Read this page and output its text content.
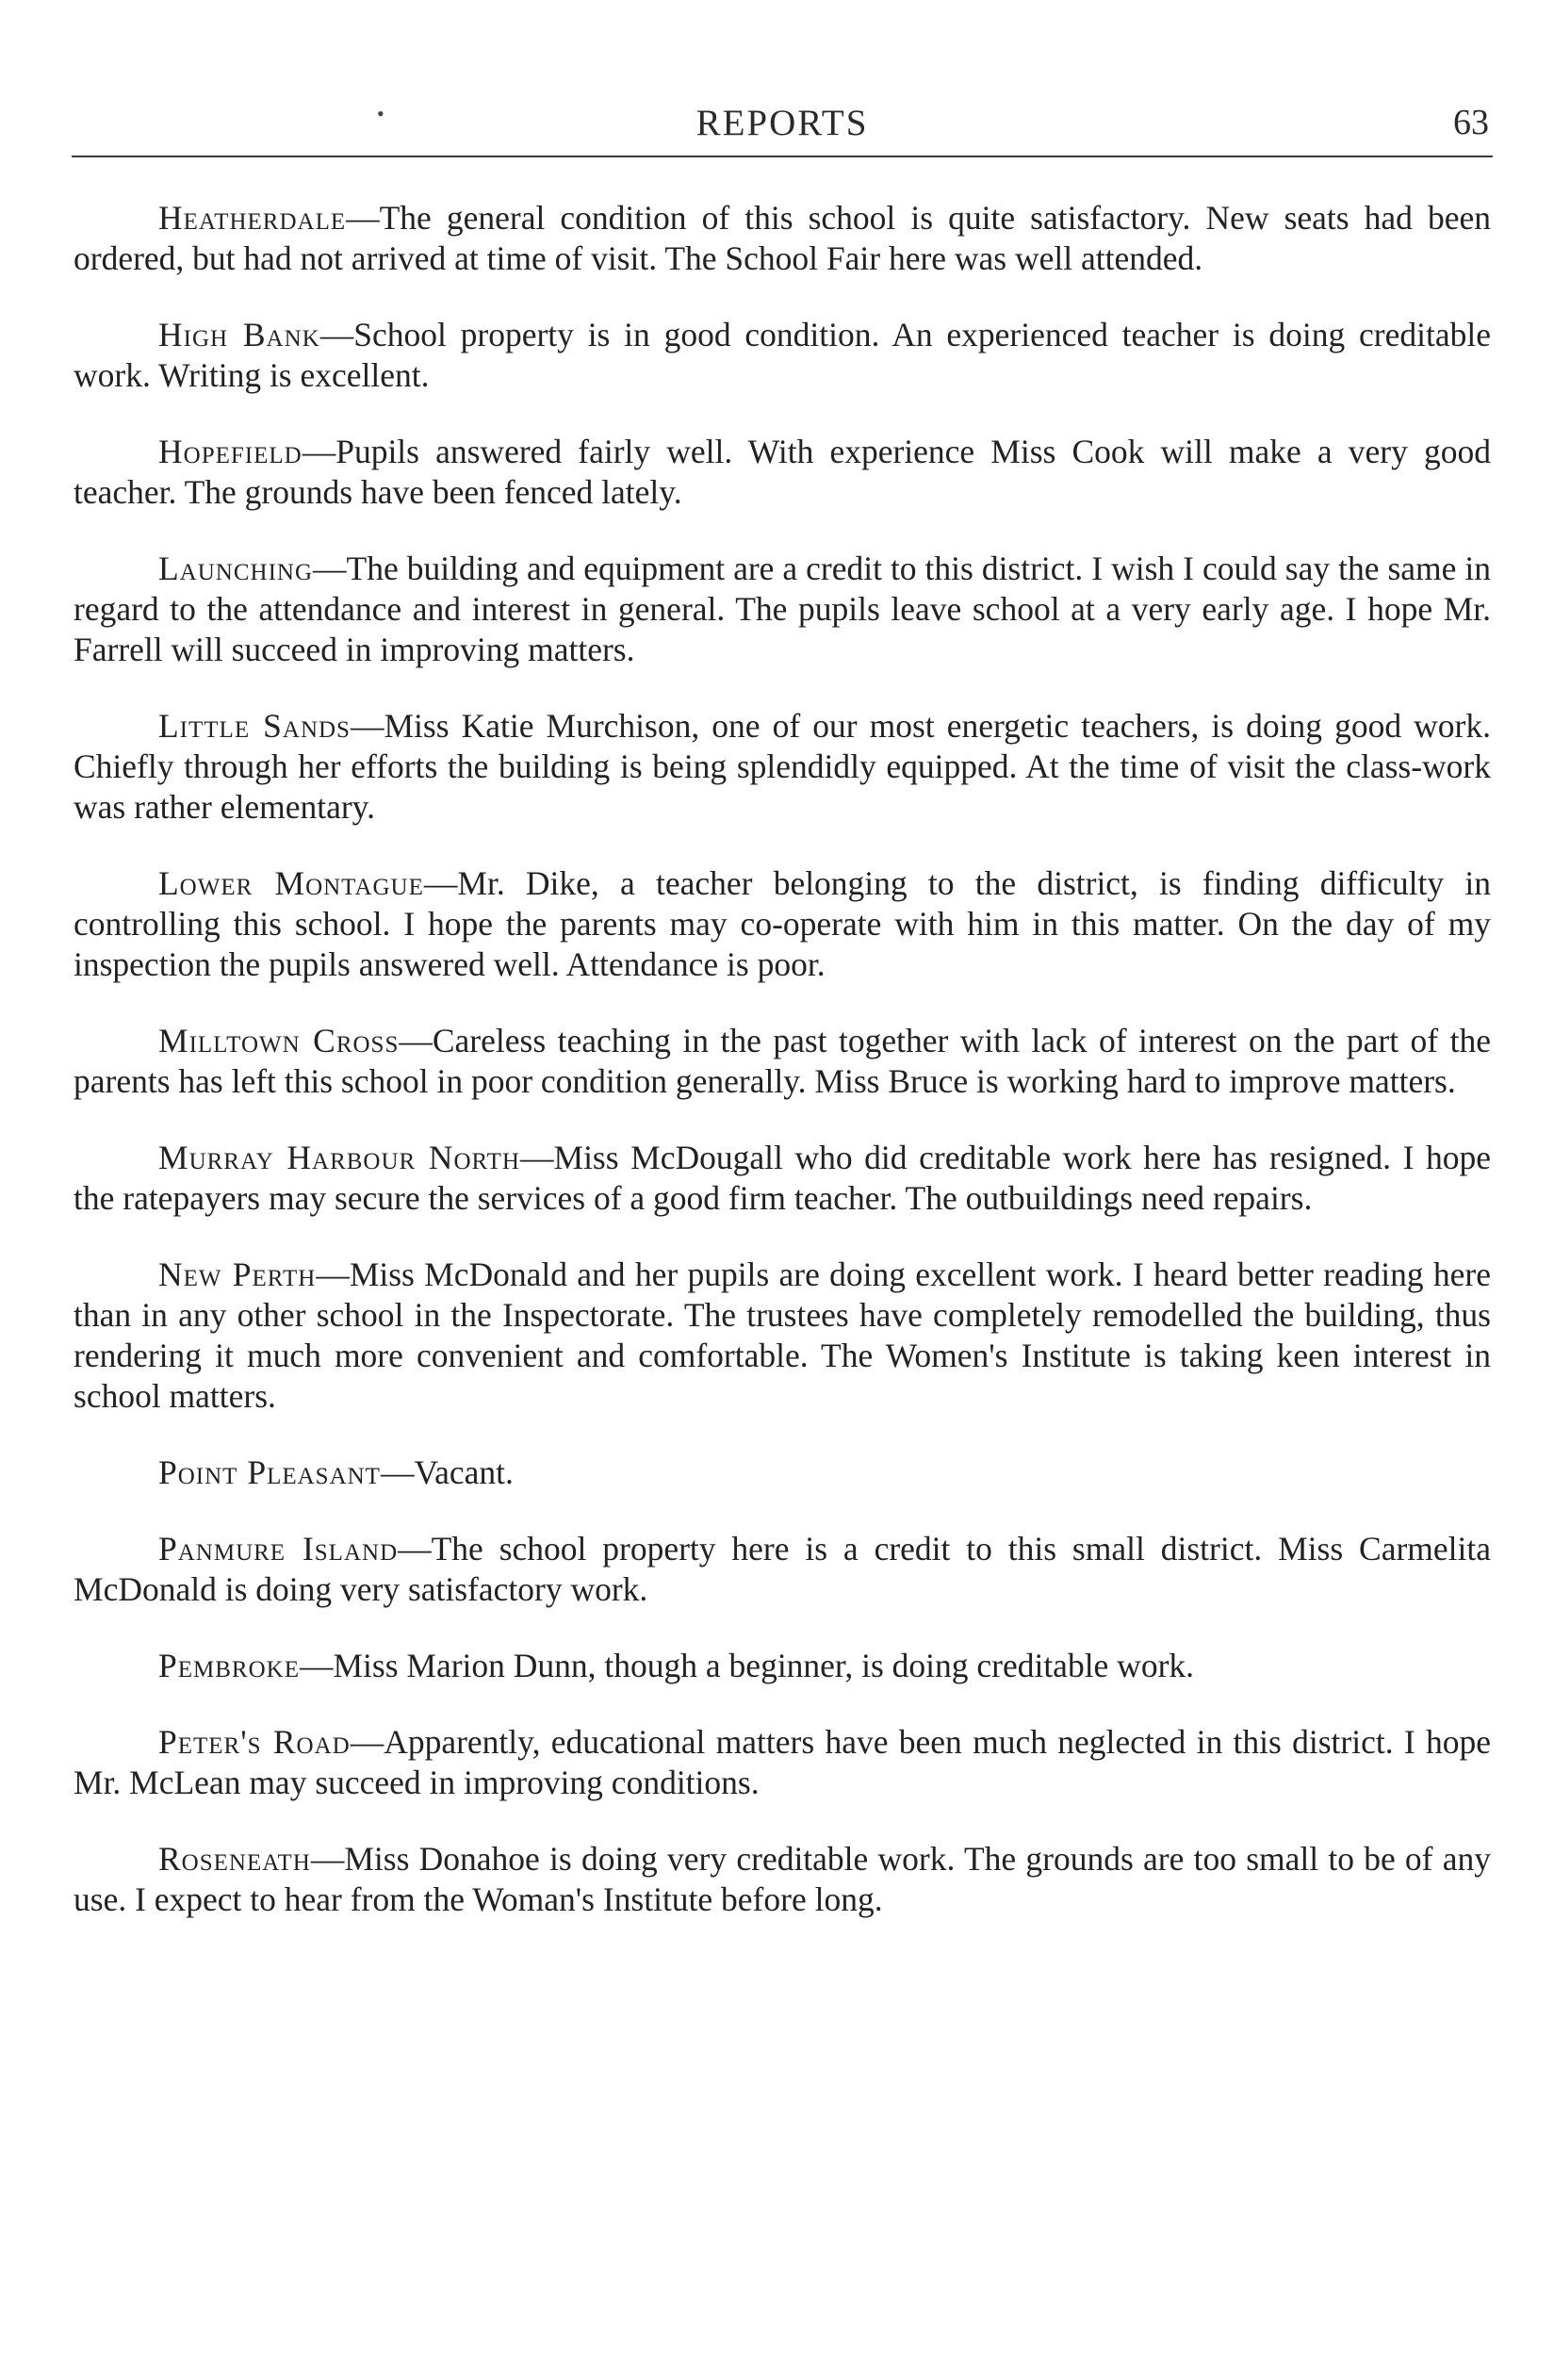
•	REPORTS	63

Heatherdale—The general condition of this school is quite satisfactory. New seats had been ordered, but had not arrived at time of visit. The School Fair here was well attended.

High Bank—School property is in good condition. An experienced teacher is doing creditable work. Writing is excellent.

Hopefield—Pupils answered fairly well. With experience Miss Cook will make a very good teacher. The grounds have been fenced lately.

Launching—The building and equipment are a credit to this district. I wish I could say the same in regard to the attendance and interest in general. The pupils leave school at a very early age. I hope Mr. Farrell will succeed in improving matters.

Little Sands—Miss Katie Murchison, one of our most energetic teachers, is doing good work. Chiefly through her efforts the building is being splendidly equipped. At the time of visit the class-work was rather elementary.

Lower Montague—Mr. Dike, a teacher belonging to the district, is finding difficulty in controlling this school. I hope the parents may co-operate with him in this matter. On the day of my inspection the pupils answered well. Attendance is poor.

Milltown Cross—Careless teaching in the past together with lack of interest on the part of the parents has left this school in poor condition generally. Miss Bruce is working hard to improve matters.

Murray Harbour North—Miss McDougall who did creditable work here has resigned. I hope the ratepayers may secure the services of a good firm teacher. The outbuildings need repairs.

New Perth—Miss McDonald and her pupils are doing excellent work. I heard better reading here than in any other school in the Inspectorate. The trustees have completely remodelled the building, thus rendering it much more convenient and comfortable. The Women's Institute is taking keen interest in school matters.

Point Pleasant—Vacant.

Panmure Island—The school property here is a credit to this small district. Miss Carmelita McDonald is doing very satisfactory work.

Pembroke—Miss Marion Dunn, though a beginner, is doing creditable work.

Peter's Road—Apparently, educational matters have been much neglected in this district. I hope Mr. McLean may succeed in improving conditions.

Roseneath—Miss Donahoe is doing very creditable work. The grounds are too small to be of any use. I expect to hear from the Woman's Institute before long.
